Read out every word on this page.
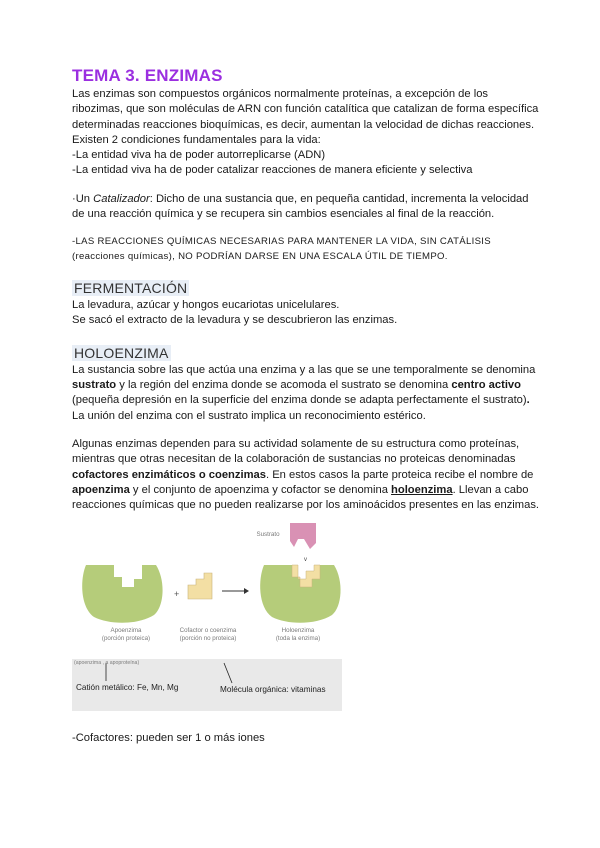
TEMA 3. ENZIMAS

Las enzimas son compuestos orgánicos normalmente proteínas, a excepción de los ribozimas, que son moléculas de ARN con función catalítica que catalizan de forma específica determinadas reacciones bioquímicas, es decir, aumentan la velocidad de dichas reacciones.

Existen 2 condiciones fundamentales para la vida:

-La entidad viva ha de poder autorreplicarse (ADN)

-La entidad viva ha de poder catalizar reacciones de manera eficiente y selectiva

·Un Catalizador: Dicho de una sustancia que, en pequeña cantidad, incrementa la velocidad de una reacción química y se recupera sin cambios esenciales al final de la reacción.

-LAS REACCIONES QUÍMICAS NECESARIAS PARA MANTENER LA VIDA, SIN CATÁLISIS (reacciones químicas), NO PODRÍAN DARSE EN UNA ESCALA ÚTIL DE TIEMPO.

FERMENTACIÓN

La levadura, azúcar y hongos eucariotas unicelulares.

Se sacó el extracto de la levadura y se descubrieron las enzimas.

HOLOENZIMA

La sustancia sobre las que actúa una enzima y a las que se une temporalmente se denomina sustrato y la región del enzima donde se acomoda el sustrato se denomina centro activo (pequeña depresión en la superficie del enzima donde se adapta perfectamente el sustrato). La unión del enzima con el sustrato implica un reconocimiento estérico.

Algunas enzimas dependen para su actividad solamente de su estructura como proteínas, mientras que otras necesitan de la colaboración de sustancias no proteicas denominadas cofactores enzimáticos o coenzimas. En estos casos la parte proteica recibe el nombre de apoenzima y el conjunto de apoenzima y cofactor se denomina holoenzima. Llevan a cabo reacciones químicas que no pueden realizarse por los aminoácidos presentes en las enzimas.

+
v
Sustrato
Apoenzima
(porción proteica)
Cofactor o coenzima
(porción no proteica)
Holoenzima
(toda la enzima)
(apoenzima , a apoproteína)
Catión metálico: Fe, Mn, Mg	Molécula orgánica: vitaminas

-Cofactores: pueden ser 1 o más iones
